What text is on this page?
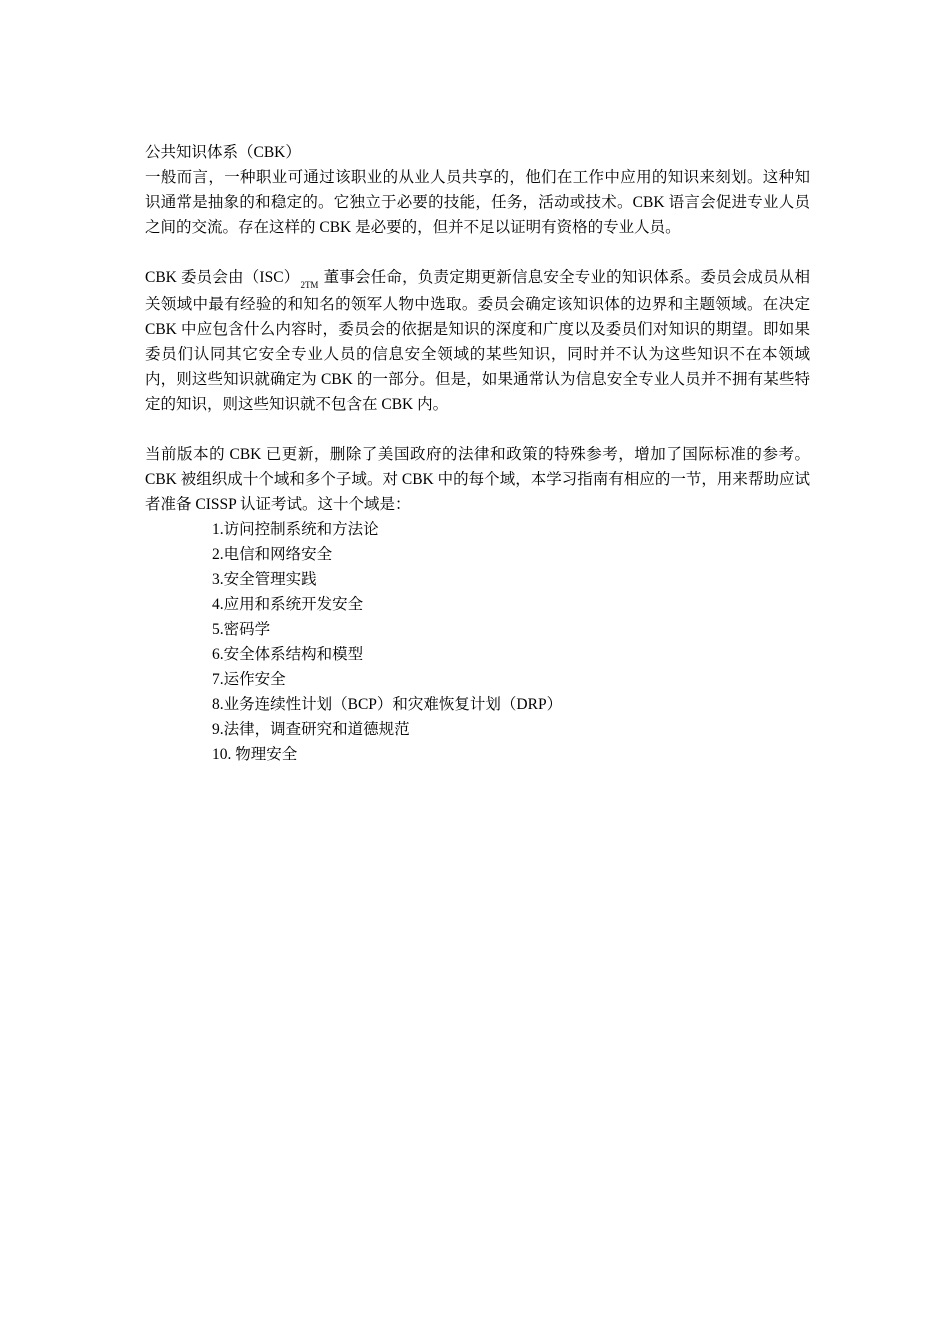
公共知识体系（CBK）

一般而言，一种职业可通过该职业的从业人员共享的，他们在工作中应用的知识来刻划。这种知识通常是抽象的和稳定的。它独立于必要的技能，任务，活动或技术。CBK 语言会促进专业人员之间的交流。存在这样的 CBK 是必要的，但并不足以证明有资格的专业人员。

CBK 委员会由$(ISC)_{2TM}$ 董事会任命，负责定期更新信息安全专业的知识体系。委员会成员从相关领域中最有经验的和知名的领军人物中选取。委员会确定该知识体的边界和主题领域。在决定 CBK 中应包含什么内容时，委员会的依据是知识的深度和广度以及委员们对知识的期望。即如果委员们认同其它安全专业人员的信息安全领域的某些知识，同时并不认为这些知识不在本领域内，则这些知识就确定为 CBK 的一部分。但是，如果通常认为信息安全专业人员并不拥有某些特定的知识，则这些知识就不包含在 CBK 内。

当前版本的 CBK 已更新，删除了美国政府的法律和政策的特殊参考，增加了国际标准的参考。CBK 被组织成十个域和多个子域。对 CBK 中的每个域，本学习指南有相应的一节，用来帮助应试者准备 CISSP 认证考试。这十个域是：

1.访问控制系统和方法论
2.电信和网络安全
3.安全管理实践
4.应用和系统开发安全
5.密码学
6.安全体系结构和模型
7.运作安全
8.业务连续性计划（BCP）和灾难恢复计划（DRP）
9.法律，调查研究和道德规范
10. 物理安全
